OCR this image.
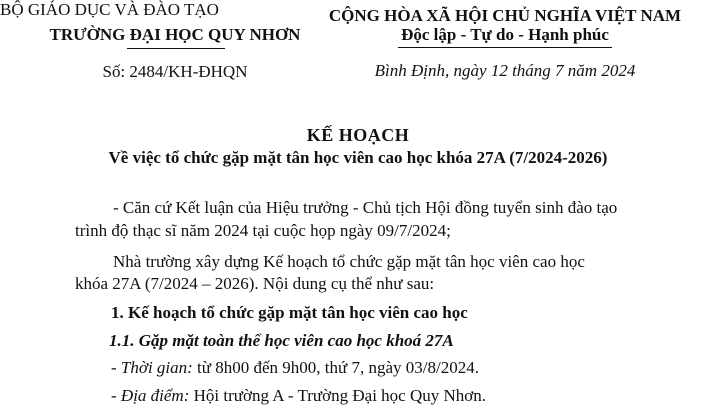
BỘ GIÁO DỤC VÀ ĐÀO TẠO
TRƯỜNG ĐẠI HỌC QUY NHƠN
Số: 2484/KH-ĐHQN
CỘNG HÒA XÃ HỘI CHỦ NGHĨA VIỆT NAM
Độc lập - Tự do - Hạnh phúc
Bình Định, ngày 12 tháng 7 năm 2024
KẾ HOẠCH
Về việc tổ chức gặp mặt tân học viên cao học khóa 27A (7/2024-2026)
- Căn cứ Kết luận của Hiệu trưởng - Chủ tịch Hội đồng tuyển sinh đào tạo
trình độ thạc sĩ năm 2024 tại cuộc họp ngày 09/7/2024;
Nhà trường xây dựng Kế hoạch tổ chức gặp mặt tân học viên cao học
khóa 27A (7/2024 – 2026). Nội dung cụ thể như sau:
1. Kế hoạch tổ chức gặp mặt tân học viên cao học
1.1. Gặp mặt toàn thể học viên cao học khoá 27A
- Thời gian: từ 8h00 đến 9h00, thứ 7, ngày 03/8/2024.
- Địa điểm: Hội trường A - Trường Đại học Quy Nhơn.
